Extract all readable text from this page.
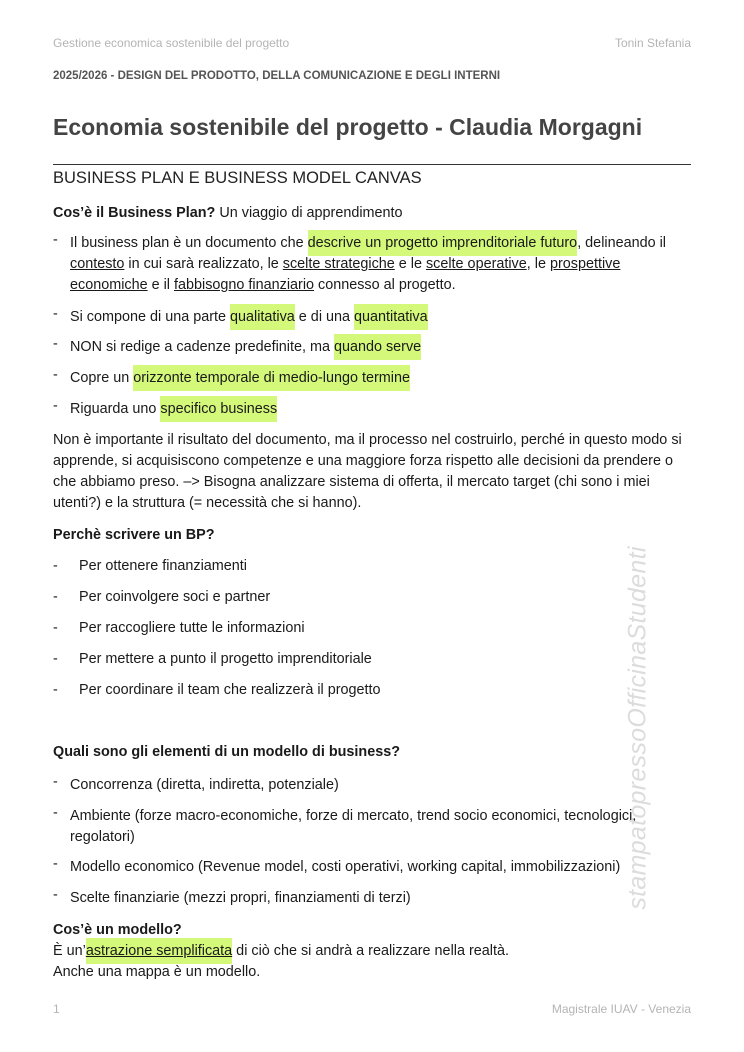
Gestione economica sostenibile del progetto	Tonin Stefania
2025/2026 - DESIGN DEL PRODOTTO, DELLA COMUNICAZIONE E DEGLI INTERNI
Economia sostenibile del progetto - Claudia Morgagni
BUSINESS PLAN E BUSINESS MODEL CANVAS
Cos’è il Business Plan? Un viaggio di apprendimento
- Il business plan è un documento che descrive un progetto imprenditoriale futuro, delineando il contesto in cui sarà realizzato, le scelte strategiche e le scelte operative, le prospettive economiche e il fabbisogno finanziario connesso al progetto.
- Si compone di una parte qualitativa e di una quantitativa
- NON si redige a cadenze predefinite, ma quando serve
- Copre un orizzonte temporale di medio-lungo termine
- Riguarda uno specifico business
Non è importante il risultato del documento, ma il processo nel costruirlo, perché in questo modo si apprende, si acquisiscono competenze e una maggiore forza rispetto alle decisioni da prendere o che abbiamo preso. –> Bisogna analizzare sistema di offerta, il mercato target (chi sono i miei utenti?) e la struttura (= necessità che si hanno).
Perchè scrivere un BP?
-	Per ottenere finanziamenti
-	Per coinvolgere soci e partner
-	Per raccogliere tutte le informazioni
-	Per mettere a punto il progetto imprenditoriale
-	Per coordinare il team che realizzerà il progetto
Quali sono gli elementi di un modello di business?
- Concorrenza (diretta, indiretta, potenziale)
- Ambiente (forze macro-economiche, forze di mercato, trend socio economici, tecnologici, regolatori)
- Modello economico (Revenue model, costi operativi, working capital, immobilizzazioni)
- Scelte finanziarie (mezzi propri, finanziamenti di terzi)
Cos’è un modello?
È un’astrazione semplificata di ciò che si andrà a realizzare nella realtà.
Anche una mappa è un modello.
stampatopressoOfficinaStudenti
1	Magistrale IUAV - Venezia
